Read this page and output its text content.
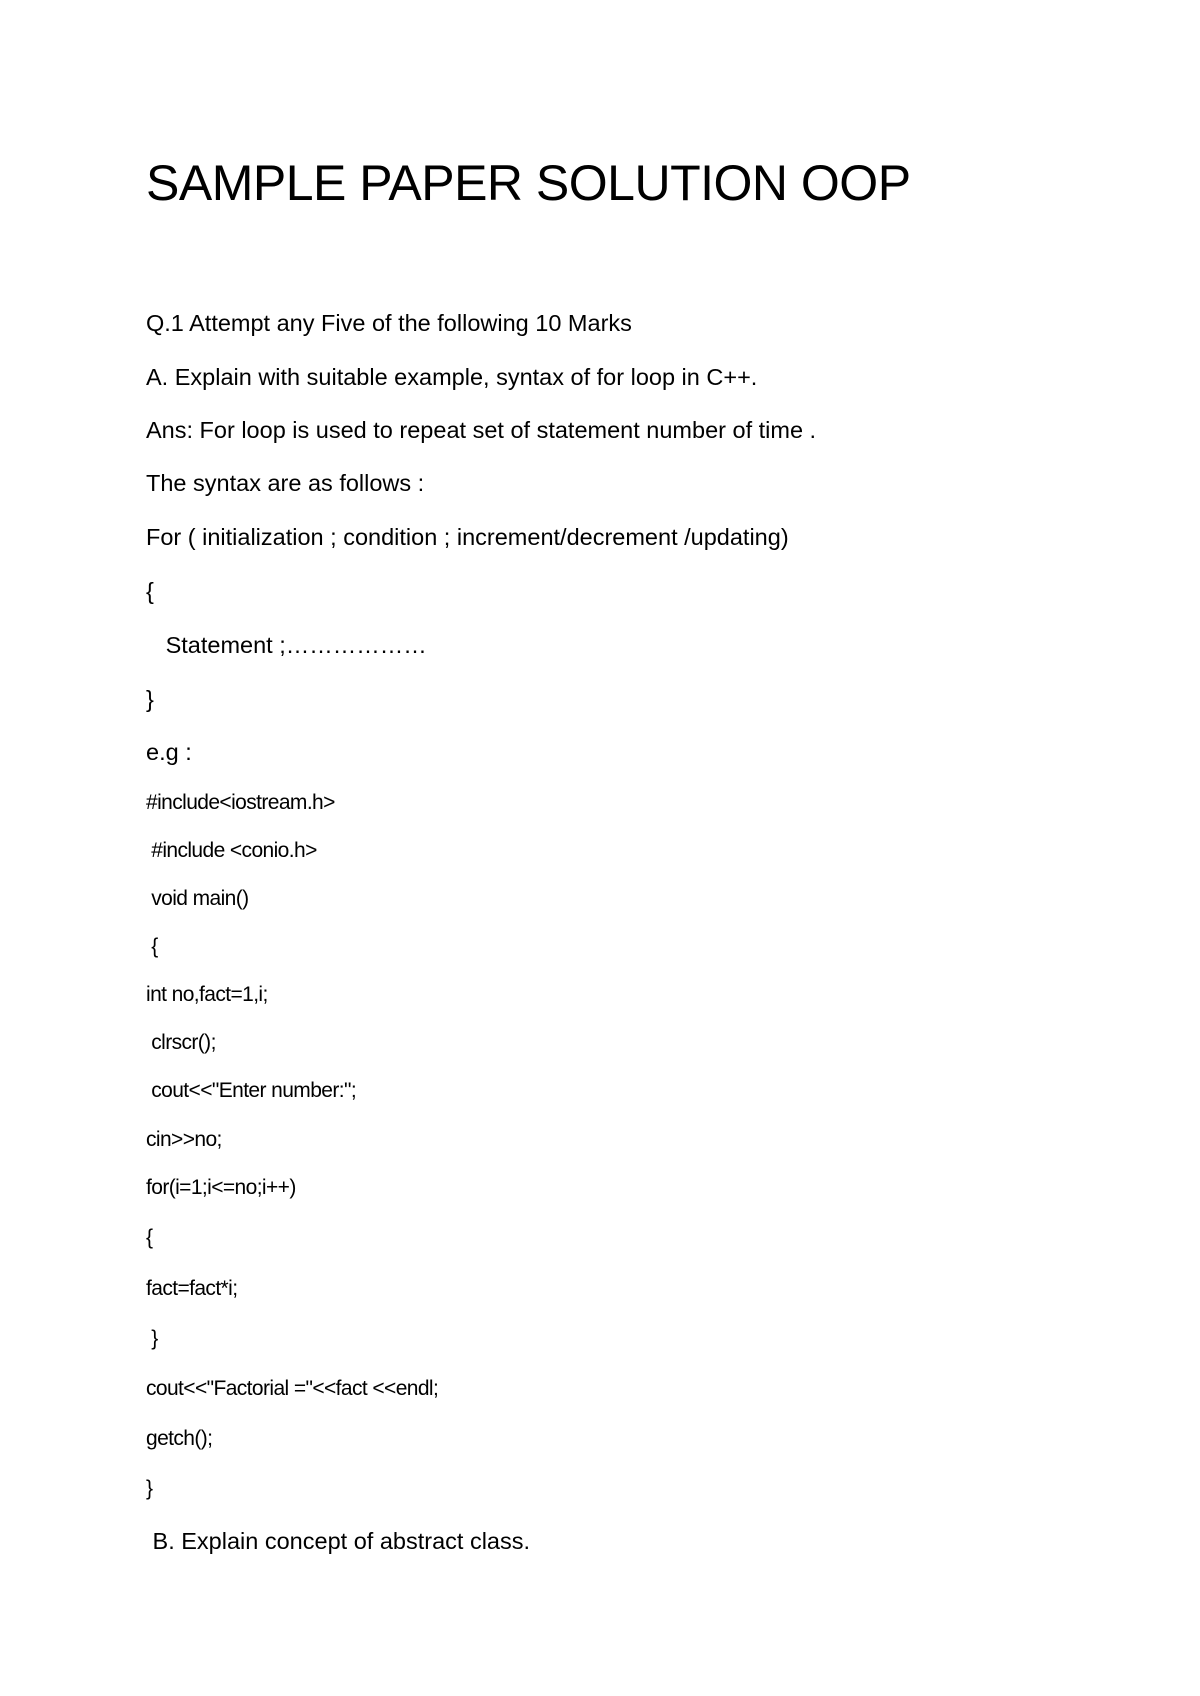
SAMPLE PAPER SOLUTION OOP
Q.1 Attempt any Five of the following 10 Marks
A. Explain with suitable example, syntax of for loop in C++.
Ans: For loop is used to repeat set of statement number of time .
The syntax are as follows :
For ( initialization ; condition ; increment/decrement /updating)
{
Statement ;………………
}
e.g :
#include<iostream.h>
#include <conio.h>
void main()
{
int no,fact=1,i;
clrscr();
cout<<"Enter number:";
cin>>no;
for(i=1;i<=no;i++)
{
fact=fact*i;
}
cout<<"Factorial ="<<fact <<endl;
getch();
}
B. Explain concept of abstract class.
